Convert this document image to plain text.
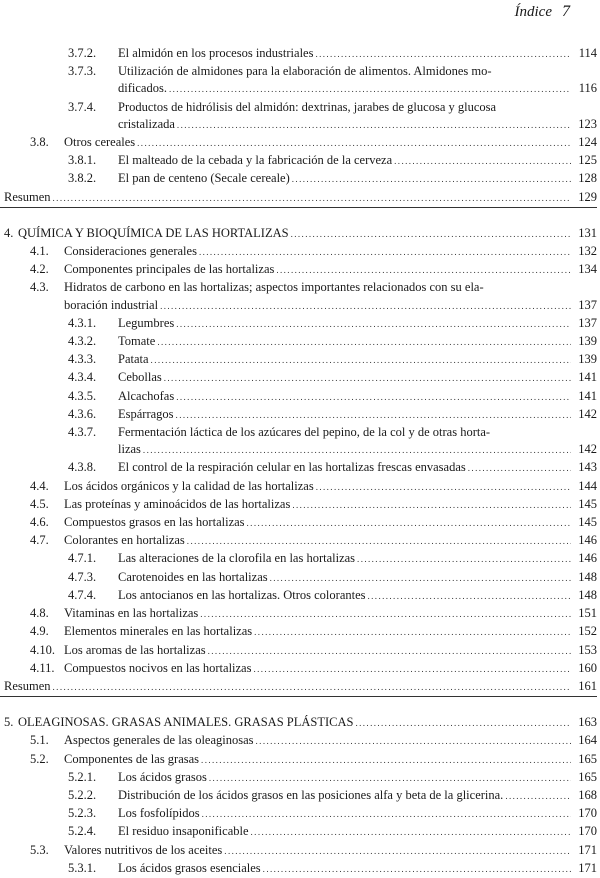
Índice 7
3.7.2.	El almidón en los procesos industriales .....	114
3.7.3.	Utilización de almidones para la elaboración de alimentos. Almidones mo-
dificados. .....	116
3.7.4.	Productos de hidrólisis del almidón: dextrinas, jarabes de glucosa y glucosa
cristalizada .....	123
3.8.	Otros cereales .....	124
3.8.1.	El malteado de la cebada y la fabricación de la cerveza .....	125
3.8.2.	El pan de centeno (Secale cereale) .....	128
Resumen .....	129
4. QUÍMICA Y BIOQUÍMICA DE LAS HORTALIZAS .....	131
4.1.	Consideraciones generales .....	132
4.2.	Componentes principales de las hortalizas .....	134
4.3.	Hidratos de carbono en las hortalizas; aspectos importantes relacionados con su ela-
boración industrial .....	137
4.3.1.	Legumbres .....	137
4.3.2.	Tomate .....	139
4.3.3.	Patata .....	139
4.3.4.	Cebollas .....	141
4.3.5.	Alcachofas .....	141
4.3.6.	Espárragos .....	142
4.3.7.	Fermentación láctica de los azúcares del pepino, de la col y de otras horta-
lizas .....	142
4.3.8.	El control de la respiración celular en las hortalizas frescas envasadas .....	143
4.4.	Los ácidos orgánicos y la calidad de las hortalizas .....	144
4.5.	Las proteínas y aminoácidos de las hortalizas .....	145
4.6.	Compuestos grasos en las hortalizas .....	145
4.7.	Colorantes en hortalizas .....	146
4.7.1.	Las alteraciones de la clorofila en las hortalizas .....	146
4.7.3.	Carotenoides en las hortalizas .....	148
4.7.4.	Los antocianos en las hortalizas. Otros colorantes .....	148
4.8.	Vitaminas en las hortalizas .....	151
4.9.	Elementos minerales en las hortalizas .....	152
4.10. Los aromas de las hortalizas .....	153
4.11. Compuestos nocivos en las hortalizas .....	160
Resumen .....	161
5. OLEAGINOSAS. GRASAS ANIMALES. GRASAS PLÁSTICAS .....	163
5.1.	Aspectos generales de las oleaginosas .....	164
5.2.	Componentes de las grasas .....	165
5.2.1.	Los ácidos grasos .....	165
5.2.2.	Distribución de los ácidos grasos en las posiciones alfa y beta de la glicerina. .....	168
5.2.3.	Los fosfolípidos .....	170
5.2.4.	El residuo insaponificable .....	170
5.3.	Valores nutritivos de los aceites .....	171
5.3.1.	Los ácidos grasos esenciales .....	171
